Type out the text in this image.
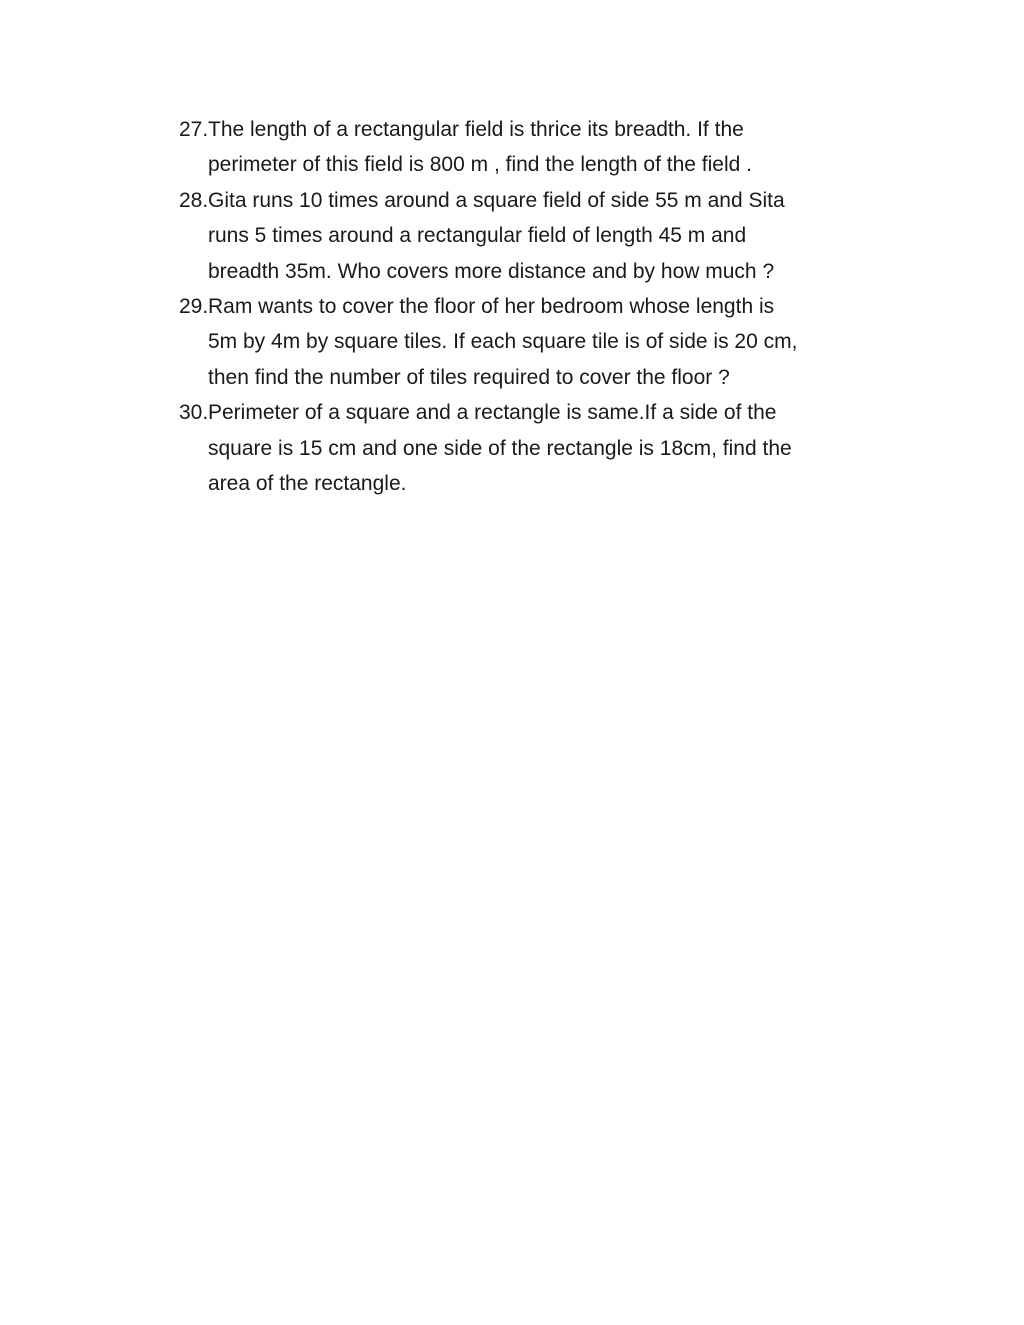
27. The length of a rectangular field is thrice its breadth. If the
perimeter of this field is 800 m , find the length of the field .
28. Gita runs 10 times around a square field of side 55 m and Sita
runs 5 times around a rectangular field of length 45 m and
breadth 35m. Who covers more distance and by how much ?
29. Ram wants to cover the floor of her bedroom whose length is
5m by 4m by square tiles. If each square tile is of side is 20 cm,
then find the number of tiles required to cover the floor ?
30. Perimeter of a square and a rectangle is same.If a side of the
square is 15 cm and one side of the rectangle is 18cm, find the
area of the rectangle.
